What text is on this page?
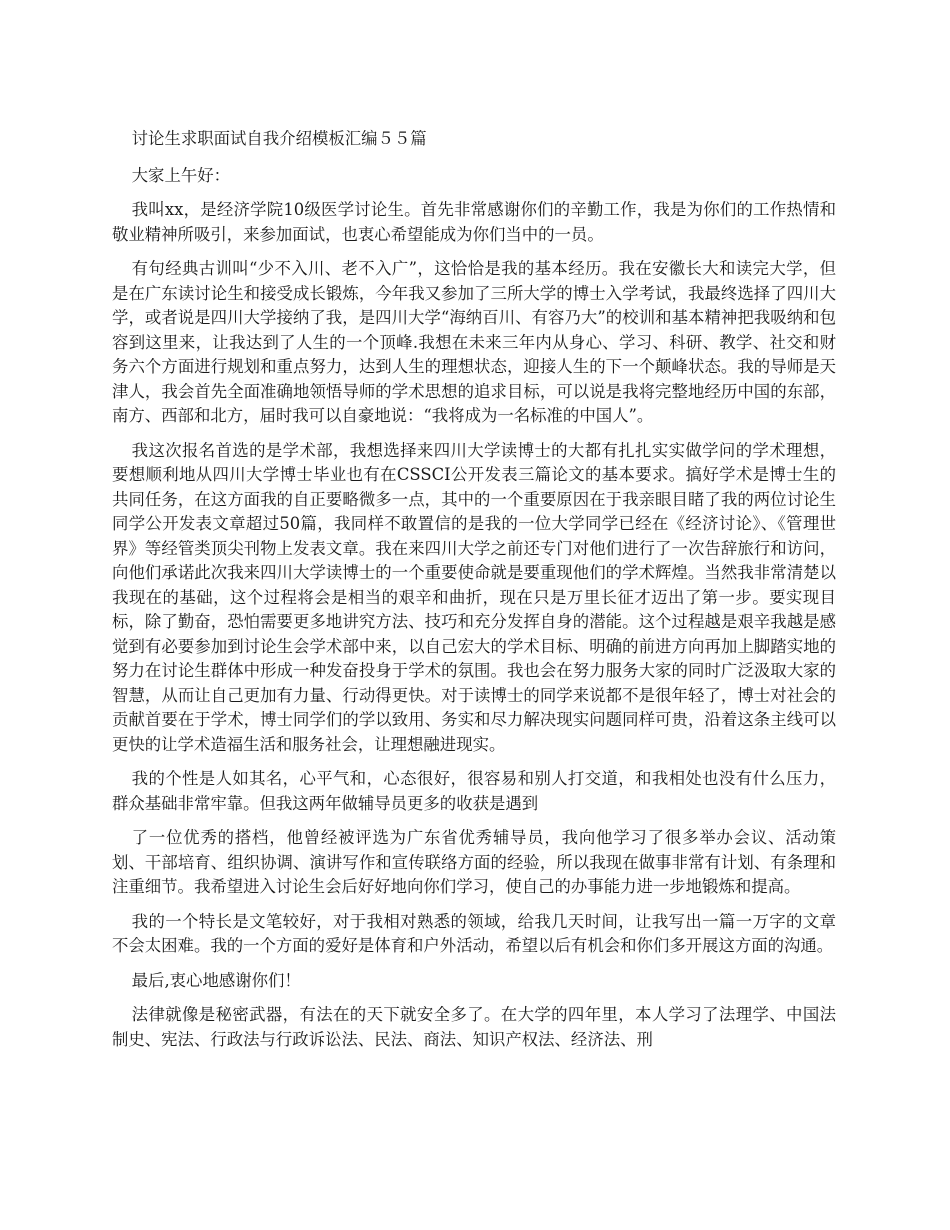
讨论生求职面试自我介绍模板汇编５５篇

大家上午好：

我叫xx，是经济学院10级医学讨论生。首先非常感谢你们的辛勤工作，我是为你们的工作热情和敬业精神所吸引，来参加面试，也衷心希望能成为你们当中的一员。

有句经典古训叫“少不入川、老不入广”，这恰恰是我的基本经历。我在安徽长大和读完大学，但是在广东读讨论生和接受成长锻炼，今年我又参加了三所大学的博士入学考试，我最终选择了四川大学，或者说是四川大学接纳了我，是四川大学“海纳百川、有容乃大”的校训和基本精神把我吸纳和包容到这里来，让我达到了人生的一个顶峰.我想在未来三年内从身心、学习、科研、教学、社交和财务六个方面进行规划和重点努力，达到人生的理想状态，迎接人生的下一个颠峰状态。我的导师是天津人，我会首先全面准确地领悟导师的学术思想的追求目标，可以说是我将完整地经历中国的东部，南方、西部和北方，届时我可以自豪地说：“我将成为一名标准的中国人”。

我这次报名首选的是学术部，我想选择来四川大学读博士的大都有扎扎实实做学问的学术理想，要想顺利地从四川大学博士毕业也有在CSSCI公开发表三篇论文的基本要求。搞好学术是博士生的共同任务，在这方面我的自正要略微多一点，其中的一个重要原因在于我亲眼目睹了我的两位讨论生同学公开发表文章超过50篇，我同样不敢置信的是我的一位大学同学已经在《经济讨论》、《管理世界》等经管类顶尖刊物上发表文章。我在来四川大学之前还专门对他们进行了一次告辞旅行和访问，向他们承诺此次我来四川大学读博士的一个重要使命就是要重现他们的学术辉煌。当然我非常清楚以我现在的基础，这个过程将会是相当的艰辛和曲折，现在只是万里长征才迈出了第一步。要实现目标，除了勤奋，恐怕需要更多地讲究方法、技巧和充分发挥自身的潜能。这个过程越是艰辛我越是感觉到有必要参加到讨论生会学术部中来，以自己宏大的学术目标、明确的前进方向再加上脚踏实地的努力在讨论生群体中形成一种发奋投身于学术的氛围。我也会在努力服务大家的同时广泛汲取大家的智慧，从而让自己更加有力量、行动得更快。对于读博士的同学来说都不是很年轻了，博士对社会的贡献首要在于学术，博士同学们的学以致用、务实和尽力解决现实问题同样可贵，沿着这条主线可以更快的让学术造福生活和服务社会，让理想融进现实。

我的个性是人如其名，心平气和，心态很好，很容易和别人打交道，和我相处也没有什么压力，群众基础非常牢靠。但我这两年做辅导员更多的收获是遇到

了一位优秀的搭档，他曾经被评选为广东省优秀辅导员，我向他学习了很多举办会议、活动策划、干部培育、组织协调、演讲写作和宣传联络方面的经验，所以我现在做事非常有计划、有条理和注重细节。我希望进入讨论生会后好好地向你们学习，使自己的办事能力进一步地锻炼和提高。

我的一个特长是文笔较好，对于我相对熟悉的领域，给我几天时间，让我写出一篇一万字的文章不会太困难。我的一个方面的爱好是体育和户外活动，希望以后有机会和你们多开展这方面的沟通。

最后,衷心地感谢你们！

法律就像是秘密武器，有法在的天下就安全多了。在大学的四年里，本人学习了法理学、中国法制史、宪法、行政法与行政诉讼法、民法、商法、知识产权法、经济法、刑
